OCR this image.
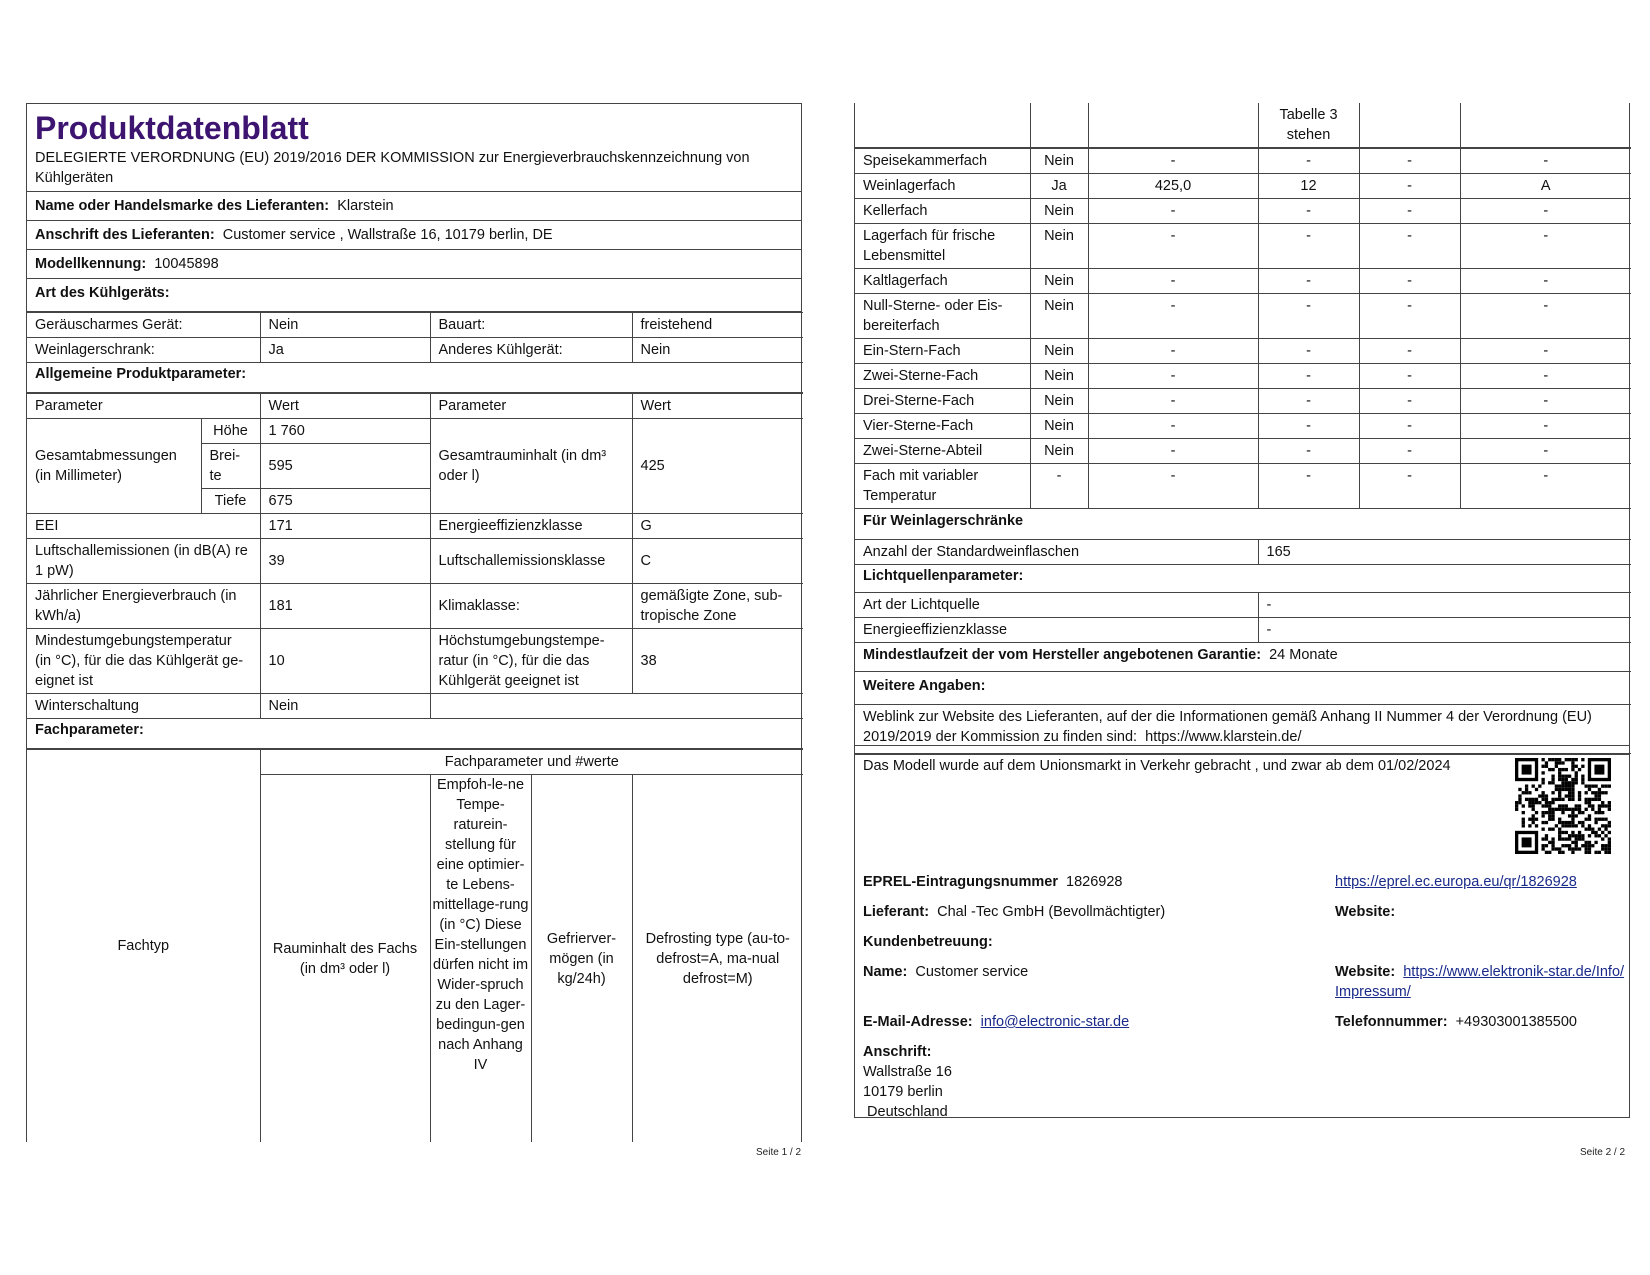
Produktdatenblatt
DELEGIERTE VERORDNUNG (EU) 2019/2016 DER KOMMISSION zur Energieverbrauchskennzeichnung von Kühlgeräten

Name oder Handelsmarke des Lieferanten: Klarstein
Anschrift des Lieferanten: Customer service , Wallstraße 16, 10179 berlin, DE
Modellkennung: 10045898
Art des Kühlgeräts:
Geräuscharmes Gerät:	Nein	Bauart:	freistehend
Weinlagerschrank:	Ja	Anderes Kühlgerät:	Nein
Allgemeine Produktparameter:			
Parameter		Wert	Parameter	Wert
Gesamtabmessungen (in Millimeter)	Höhe	1 760	Gesamtrauminhalt (in dm³ oder l)	425
	Brei-te	595		
	Tiefe	675		
EEI		171	Energieeffizienzklasse	G
Luftschallemissionen (in dB(A) re 1 pW)		39	Luftschallemissionsklasse	C
Jährlicher Energieverbrauch (in kWh/a)		181	Klimaklasse:	gemäßigte Zone, sub-tropische Zone
Mindestumgebungstemperatur (in °C), für die das Kühlgerät ge-eignet ist		10	Höchstumgebungstempe-ratur (in °C), für die das Kühlgerät geeignet ist	38
Winterschaltung		Nein		
Fachparameter:				
Fachtyp	Fachparameter und #werte			
	Rauminhalt des Fachs (in dm³ oder l)	Empfoh-le-ne Tempe-raturein-stellung für eine optimier-te Lebens-mittellage-rung (in °C) Diese Ein-stellungen dürfen nicht im Wider-spruch zu den Lager-bedingun-gen nach Anhang IV	Gefrierver-mögen (in kg/24h)	Defrosting type (au-to-defrost=A, ma-nual defrost=M)
Seite 1 / 2
			Tabelle 3 stehen		
Speisekammerfach	Nein	-	-	-	-
Weinlagerfach	Ja	425,0	12	-	A
Kellerfach	Nein	-	-	-	-
Lagerfach für frische Lebensmittel	Nein	-	-	-	-
Kaltlagerfach	Nein	-	-	-	-
Null-Sterne- oder Eis-bereiterfach	Nein	-	-	-	-
Ein-Stern-Fach	Nein	-	-	-	-
Zwei-Sterne-Fach	Nein	-	-	-	-
Drei-Sterne-Fach	Nein	-	-	-	-
Vier-Sterne-Fach	Nein	-	-	-	-
Zwei-Sterne-Abteil	Nein	-	-	-	-
Fach mit variabler Temperatur	-	-	-	-	-
Für Weinlagerschränke	
Anzahl der Standardweinflaschen	165
Lichtquellenparameter:	
Art der Lichtquelle	-
Energieeffizienzklasse	-
Mindestlaufzeit der vom Hersteller angebotenen Garantie: 24 Monate	
Weitere Angaben:	
Weblink zur Website des Lieferanten, auf der die Informationen gemäß Anhang II Nummer 4 der Verordnung (EU) 2019/2019 der Kommission zu finden sind: https://www.klarstein.de/	
Das Modell wurde auf dem Unionsmarkt in Verkehr gebracht , und zwar ab dem 01/02/2024
EPREL-Eintragungsnummer 1826928	https://eprel.ec.europa.eu/qr/1826928
Lieferant: Chal -Tec GmbH (Bevollmächtigter)	Website:
Kundenbetreuung:
Name: Customer service	Website: https://www.elektronik-star.de/Info/Impressum/
E-Mail-Adresse: info@electronic-star.de	Telefonnummer: +49303001385500
Anschrift:
Wallstraße 16
10179 berlin
Deutschland
Seite 2 / 2
